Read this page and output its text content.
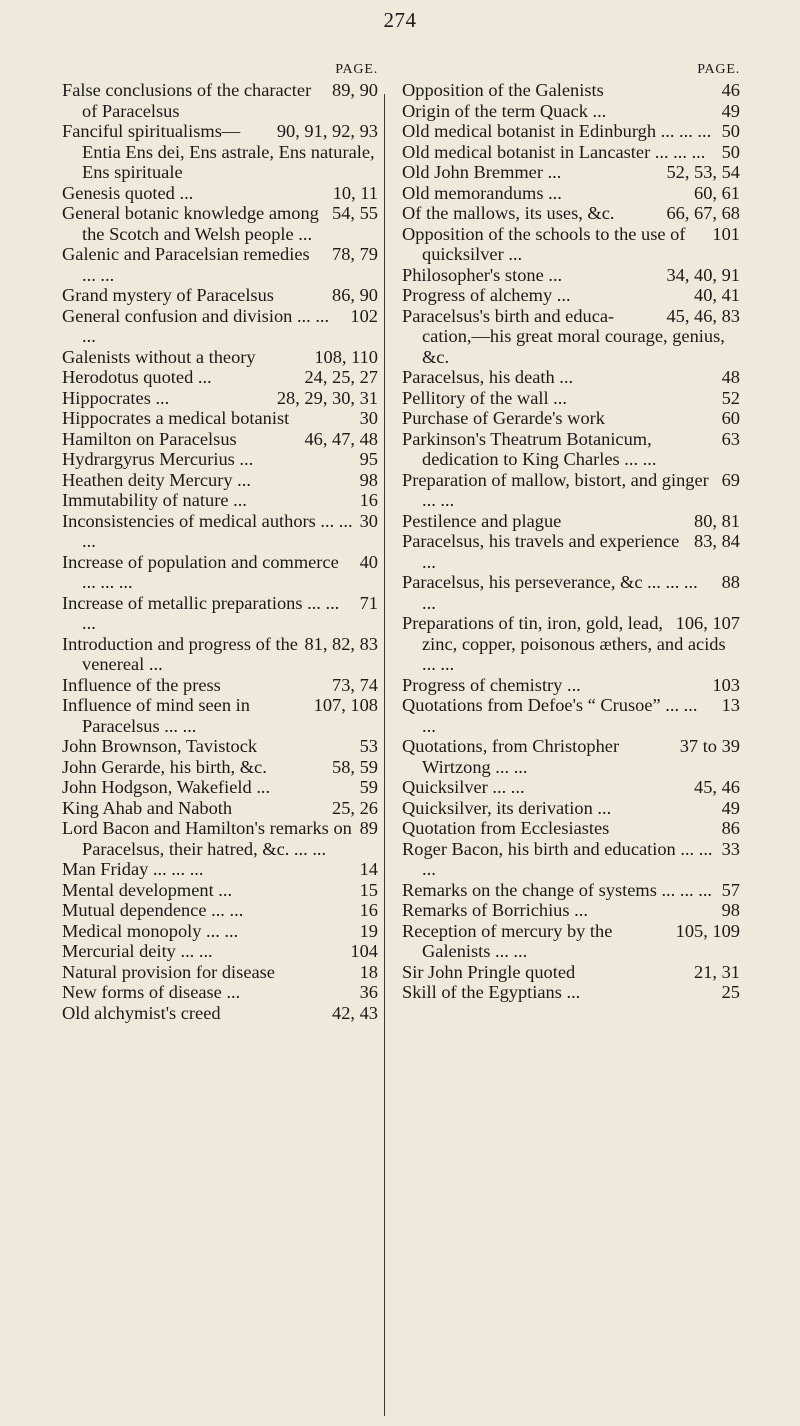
274
PAGE.
89, 90
False conclusions of the character of Paracelsus
90, 91, 92, 93
Fanciful spiritualisms—Entia Ens dei, Ens astrale, Ens naturale, Ens spirituale
10, 11
Genesis quoted ...
54, 55
General botanic knowledge among the Scotch and Welsh people ...
78, 79
Galenic and Paracelsian remedies ... ...
86, 90
Grand mystery of Paracelsus
102
General confusion and division ... ... ...
108, 110
Galenists without a theory
24, 25, 27
Herodotus quoted ...
28, 29, 30, 31
Hippocrates ...
30
Hippocrates a medical botanist
46, 47, 48
Hamilton on Paracelsus
95
Hydrargyrus Mercurius ...
98
Heathen deity Mercury ...
16
Immutability of nature ...
30
Inconsistencies of medical authors ... ... ...
40
Increase of population and commerce ... ... ...
71
Increase of metallic preparations ... ... ...
81, 82, 83
Introduction and progress of the venereal ...
73, 74
Influence of the press
107, 108
Influence of mind seen in Paracelsus ... ...
53
John Brownson, Tavistock
58, 59
John Gerarde, his birth, &c.
59
John Hodgson, Wakefield ...
25, 26
King Ahab and Naboth
89
Lord Bacon and Hamilton's remarks on Paracelsus, their hatred, &c. ... ...
14
Man Friday ... ... ...
15
Mental development ...
16
Mutual dependence ... ...
19
Medical monopoly ... ...
104
Mercurial deity ... ...
18
Natural provision for disease
36
New forms of disease ...
42, 43
Old alchymist's creed
PAGE.
46
Opposition of the Galenists
49
Origin of the term Quack ...
50
Old medical botanist in Edinburgh ... ... ...
50
Old medical botanist in Lancaster ... ... ...
52, 53, 54
Old John Bremmer ...
60, 61
Old memorandums ...
66, 67, 68
Of the mallows, its uses, &c.
101
Opposition of the schools to the use of quicksilver ...
34, 40, 91
Philosopher's stone ...
40, 41
Progress of alchemy ...
45, 46, 83
Paracelsus's birth and educa- cation,—his great moral courage, genius, &c.
48
Paracelsus, his death ...
52
Pellitory of the wall ...
60
Purchase of Gerarde's work
63
Parkinson's Theatrum Botanicum, dedication to King Charles ... ...
69
Preparation of mallow, bistort, and ginger ... ...
80, 81
Pestilence and plague
83, 84
Paracelsus, his travels and experience ...
88
Paracelsus, his perseverance, &c ... ... ... ...
106, 107
Preparations of tin, iron, gold, lead, zinc, copper, poisonous æthers, and acids ... ...
103
Progress of chemistry ...
13
Quotations from Defoe's “ Crusoe” ... ... ...
37 to 39
Quotations, from Christopher Wirtzong ... ...
45, 46
Quicksilver ... ...
49
Quicksilver, its derivation ...
86
Quotation from Ecclesiastes
33
Roger Bacon, his birth and education ... ... ...
57
Remarks on the change of systems ... ... ...
98
Remarks of Borrichius ...
105, 109
Reception of mercury by the Galenists ... ...
21, 31
Sir John Pringle quoted
25
Skill of the Egyptians ...
